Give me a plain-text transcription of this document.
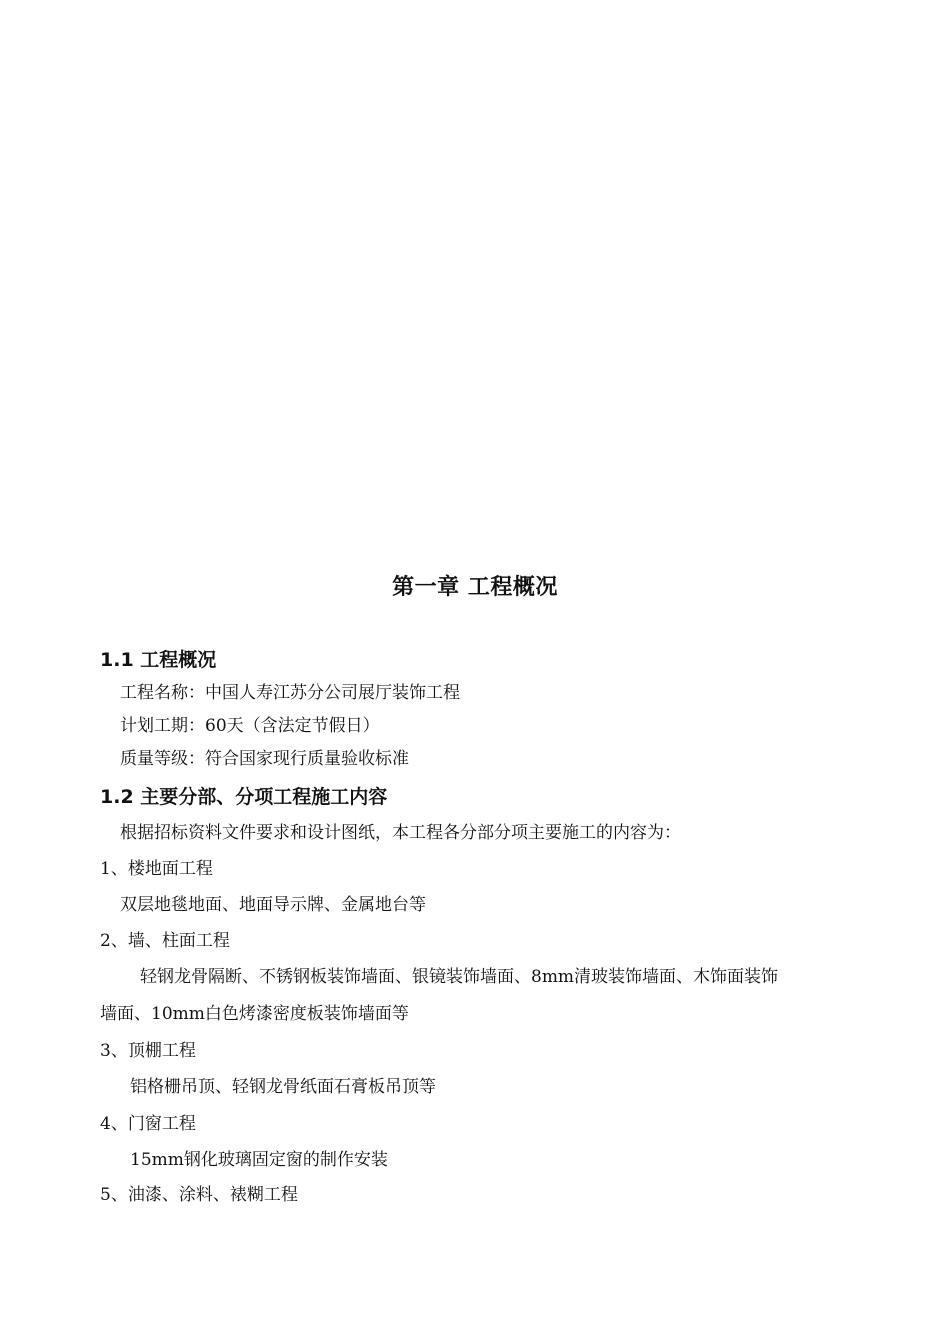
第一章 工程概况
1.1 工程概况
工程名称：中国人寿江苏分公司展厅装饰工程
计划工期：60天（含法定节假日）
质量等级：符合国家现行质量验收标准
1.2 主要分部、分项工程施工内容
根据招标资料文件要求和设计图纸，本工程各分部分项主要施工的内容为：
1、楼地面工程
双层地毯地面、地面导示牌、金属地台等
2、墙、柱面工程
轻钢龙骨隔断、不锈钢板装饰墙面、银镜装饰墙面、8mm清玻装饰墙面、木饰面装饰
墙面、10mm白色烤漆密度板装饰墙面等
3、顶棚工程
铝格栅吊顶、轻钢龙骨纸面石膏板吊顶等
4、门窗工程
15mm钢化玻璃固定窗的制作安装
5、油漆、涂料、裱糊工程
